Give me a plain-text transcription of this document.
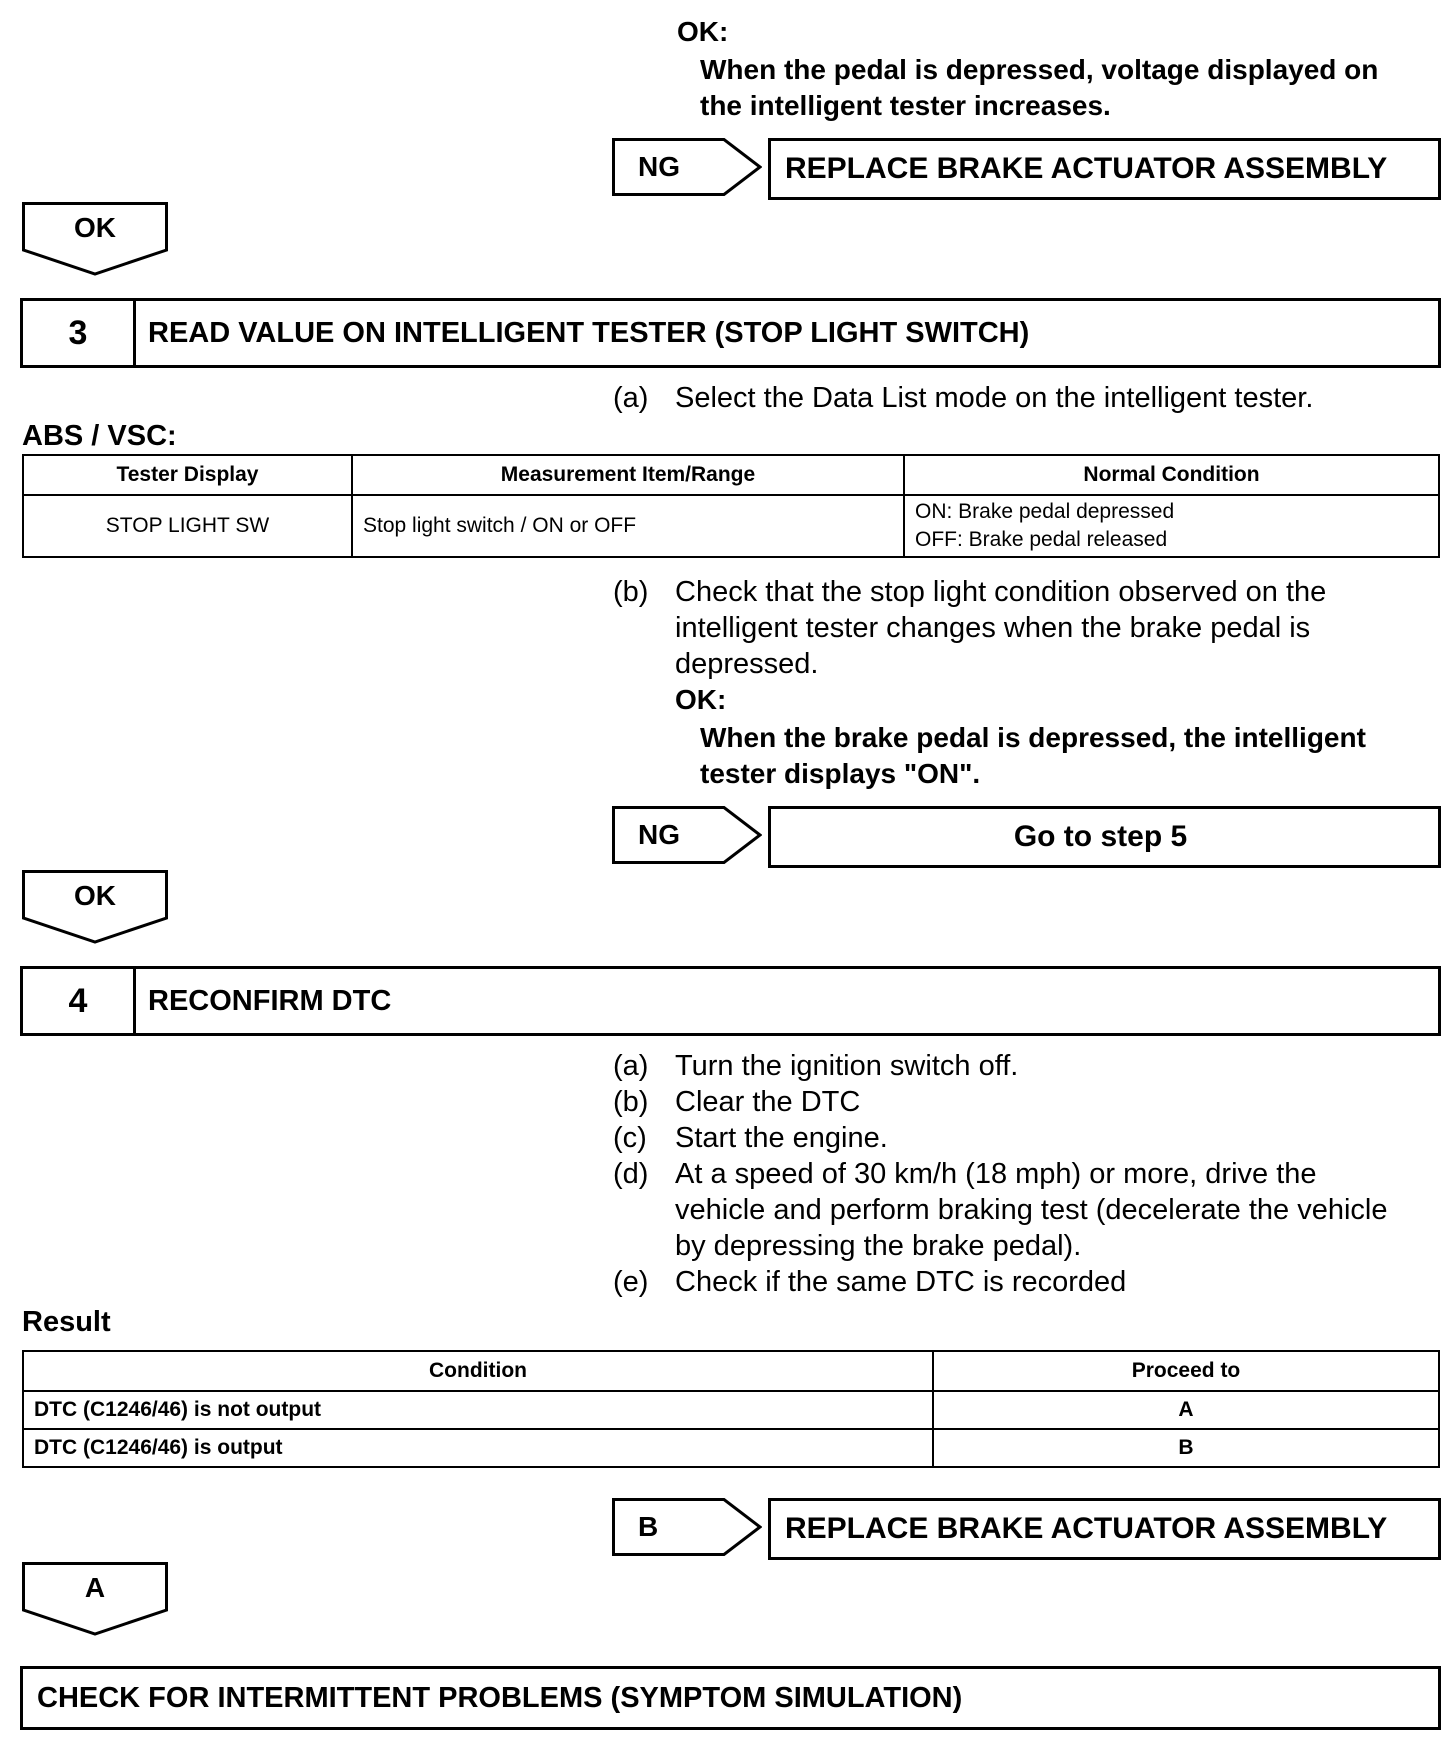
OK:
When the pedal is depressed, voltage displayed on
the intelligent tester increases.
NG	REPLACE BRAKE ACTUATOR ASSEMBLY
OK
3	READ VALUE ON INTELLIGENT TESTER (STOP LIGHT SWITCH)
(a) Select the Data List mode on the intelligent tester.
ABS / VSC:
Tester Display	Measurement Item/Range	Normal Condition
STOP LIGHT SW	Stop light switch / ON or OFF	ON: Brake pedal depressed
OFF: Brake pedal released
(b) Check that the stop light condition observed on the
intelligent tester changes when the brake pedal is
depressed.
OK:
When the brake pedal is depressed, the intelligent
tester displays "ON".
NG	Go to step 5
OK
4	RECONFIRM DTC
(a) Turn the ignition switch off.
(b) Clear the DTC
(c) Start the engine.
(d) At a speed of 30 km/h (18 mph) or more, drive the
vehicle and perform braking test (decelerate the vehicle
by depressing the brake pedal).
(e) Check if the same DTC is recorded
Result
Condition	Proceed to
DTC (C1246/46) is not output	A
DTC (C1246/46) is output	B
B	REPLACE BRAKE ACTUATOR ASSEMBLY
A
CHECK FOR INTERMITTENT PROBLEMS (SYMPTOM SIMULATION)
